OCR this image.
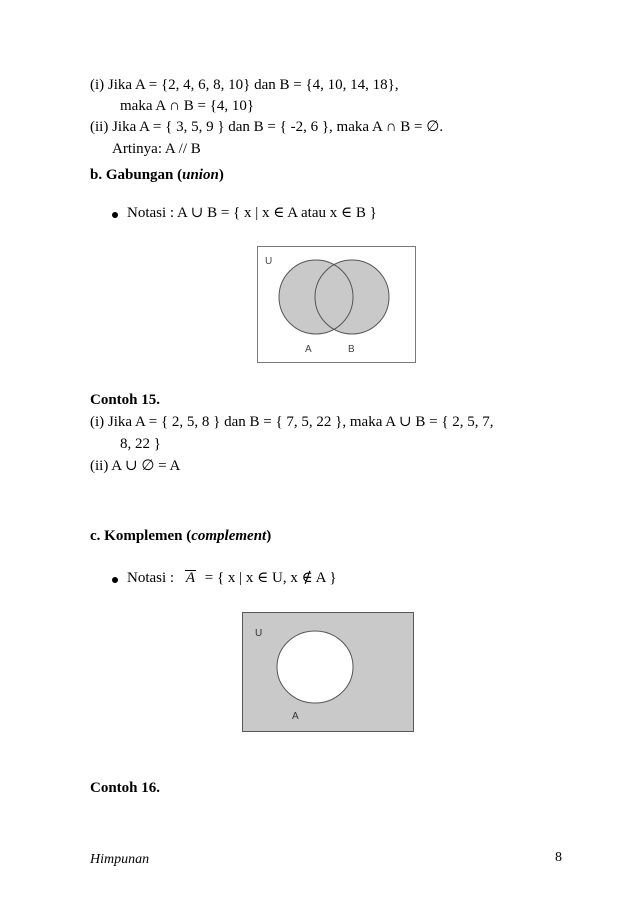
(i) Jika A = {2, 4, 6, 8, 10} dan B = {4, 10, 14, 18},
maka A ∩ B = {4, 10}
(ii) Jika A = { 3, 5, 9 } dan B = { -2, 6 }, maka A ∩ B = ∅.
Artinya: A // B
b. Gabungan (union)
Notasi : A ∪ B = { x | x ∈ A atau x ∈ B }
U
A	B
Contoh 15.
(i) Jika A = { 2, 5, 8 } dan B = { 7, 5, 22 }, maka A ∪ B = { 2, 5, 7,
8, 22 }
(ii) A ∪ ∅ = A
c. Komplemen (complement)
Notasi : A = { x | x ∈ U, x ∉ A }
U
A
Contoh 16.
Himpunan	8
